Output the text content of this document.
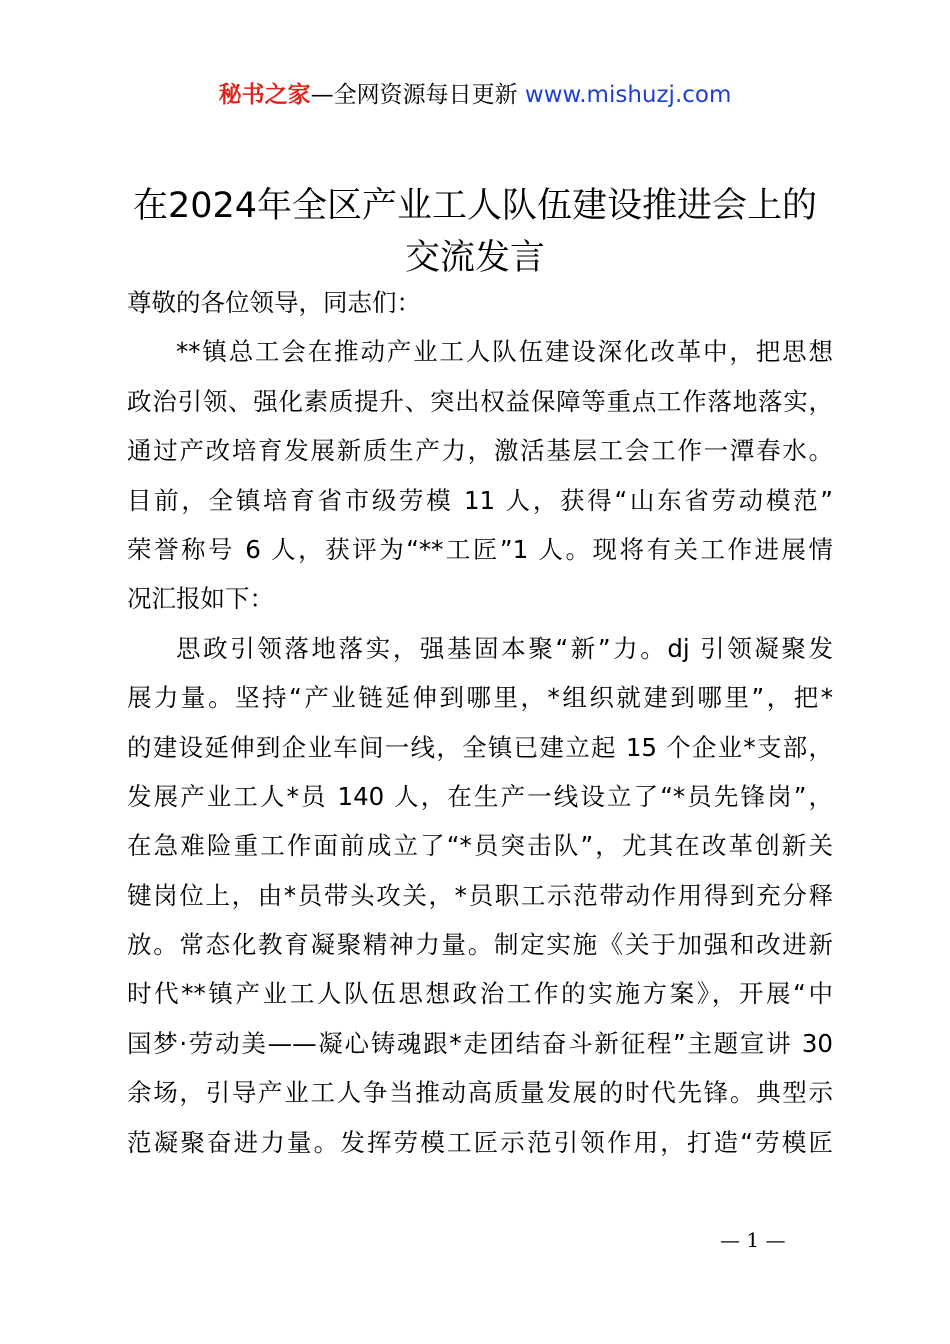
秘书之家—全网资源每日更新 www.mishuzj.com
在2024年全区产业工人队伍建设推进会上的
交流发言
尊敬的各位领导，同志们：
**镇总工会在推动产业工人队伍建设深化改革中，把思想
政治引领、强化素质提升、突出权益保障等重点工作落地落实，
通过产改培育发展新质生产力，激活基层工会工作一潭春水。
目前，全镇培育省市级劳模 11 人，获得“山东省劳动模范”
荣誉称号 6 人，获评为“**工匠”1 人。现将有关工作进展情
况汇报如下：
思政引领落地落实，强基固本聚“新”力。dj 引领凝聚发
展力量。坚持“产业链延伸到哪里，*组织就建到哪里”，把*
的建设延伸到企业车间一线，全镇已建立起 15 个企业*支部，
发展产业工人*员 140 人，在生产一线设立了“*员先锋岗”，
在急难险重工作面前成立了“*员突击队”，尤其在改革创新关
键岗位上，由*员带头攻关，*员职工示范带动作用得到充分释
放。常态化教育凝聚精神力量。制定实施《关于加强和改进新
时代**镇产业工人队伍思想政治工作的实施方案》，开展“中
国梦·劳动美——凝心铸魂跟*走团结奋斗新征程”主题宣讲 30
余场，引导产业工人争当推动高质量发展的时代先锋。典型示
范凝聚奋进力量。发挥劳模工匠示范引领作用，打造“劳模匠
— 1 —
